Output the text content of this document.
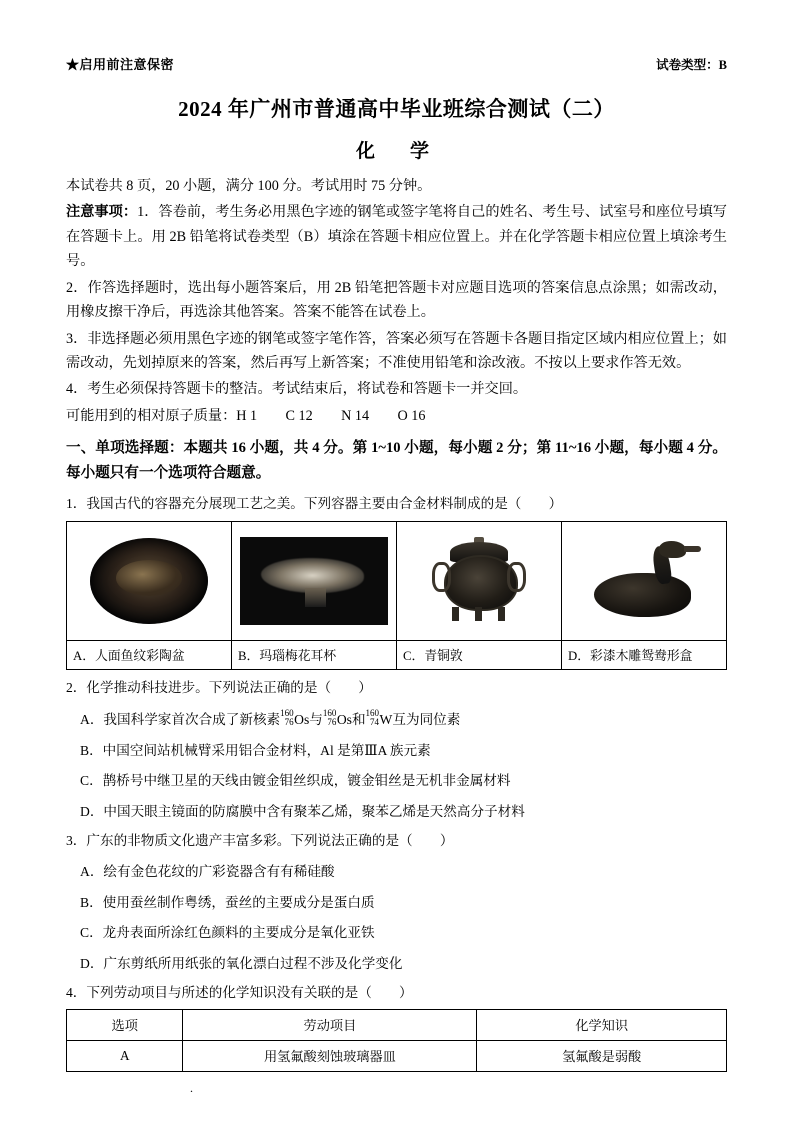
★启用前注意保密	试卷类型：B
2024 年广州市普通高中毕业班综合测试（二）
化　学
本试卷共 8 页，20 小题，满分 100 分。考试用时 75 分钟。
注意事项：1．答卷前，考生务必用黑色字迹的钢笔或签字笔将自己的姓名、考生号、试室号和座位号填写在答题卡上。用 2B 铅笔将试卷类型（B）填涂在答题卡相应位置上。并在化学答题卡相应位置上填涂考生号。
2．作答选择题时，选出每小题答案后，用 2B 铅笔把答题卡对应题目选项的答案信息点涂黑；如需改动，用橡皮擦干净后，再选涂其他答案。答案不能答在试卷上。
3．非选择题必须用黑色字迹的钢笔或签字笔作答，答案必须写在答题卡各题目指定区域内相应位置上；如需改动，先划掉原来的答案，然后再写上新答案；不准使用铅笔和涂改液。不按以上要求作答无效。
4．考生必须保持答题卡的整洁。考试结束后，将试卷和答题卡一并交回。
可能用到的相对原子质量：H 1　　C 12　　N 14　　O 16
一、单项选择题：本题共 16 小题，共 4 分。第 1~10 小题，每小题 2 分；第 11~16 小题，每小题 4 分。每小题只有一个选项符合题意。
1．我国古代的容器充分展现工艺之美。下列容器主要由合金材料制成的是（　　）

A．人面鱼纹彩陶盆	B．玛瑙梅花耳杯	C．青铜敦	D．彩漆木雕鸳鸯形盒
2．化学推动科技进步。下列说法正确的是（　　）
A．我国科学家首次合成了新核素 160
76 Os与 160
76 Os和 160
74 W互为同位素
B．中国空间站机械臂采用铝合金材料，Al 是第ⅢA 族元素
C．鹊桥号中继卫星的天线由镀金钼丝织成，镀金钼丝是无机非金属材料
D．中国天眼主镜面的防腐膜中含有聚苯乙烯，聚苯乙烯是天然高分子材料
3．广东的非物质文化遗产丰富多彩。下列说法正确的是（　　）
A．绘有金色花纹的广彩瓷器含有有稀硅酸
B．使用蚕丝制作粤绣，蚕丝的主要成分是蛋白质
C．龙舟表面所涂红色颜料的主要成分是氧化亚铁
D．广东剪纸所用纸张的氧化漂白过程不涉及化学变化
4．下列劳动项目与所述的化学知识没有关联的是（　　）
选项	劳动项目	化学知识
A	用氢氟酸刻蚀玻璃器皿	氢氟酸是弱酸
.
